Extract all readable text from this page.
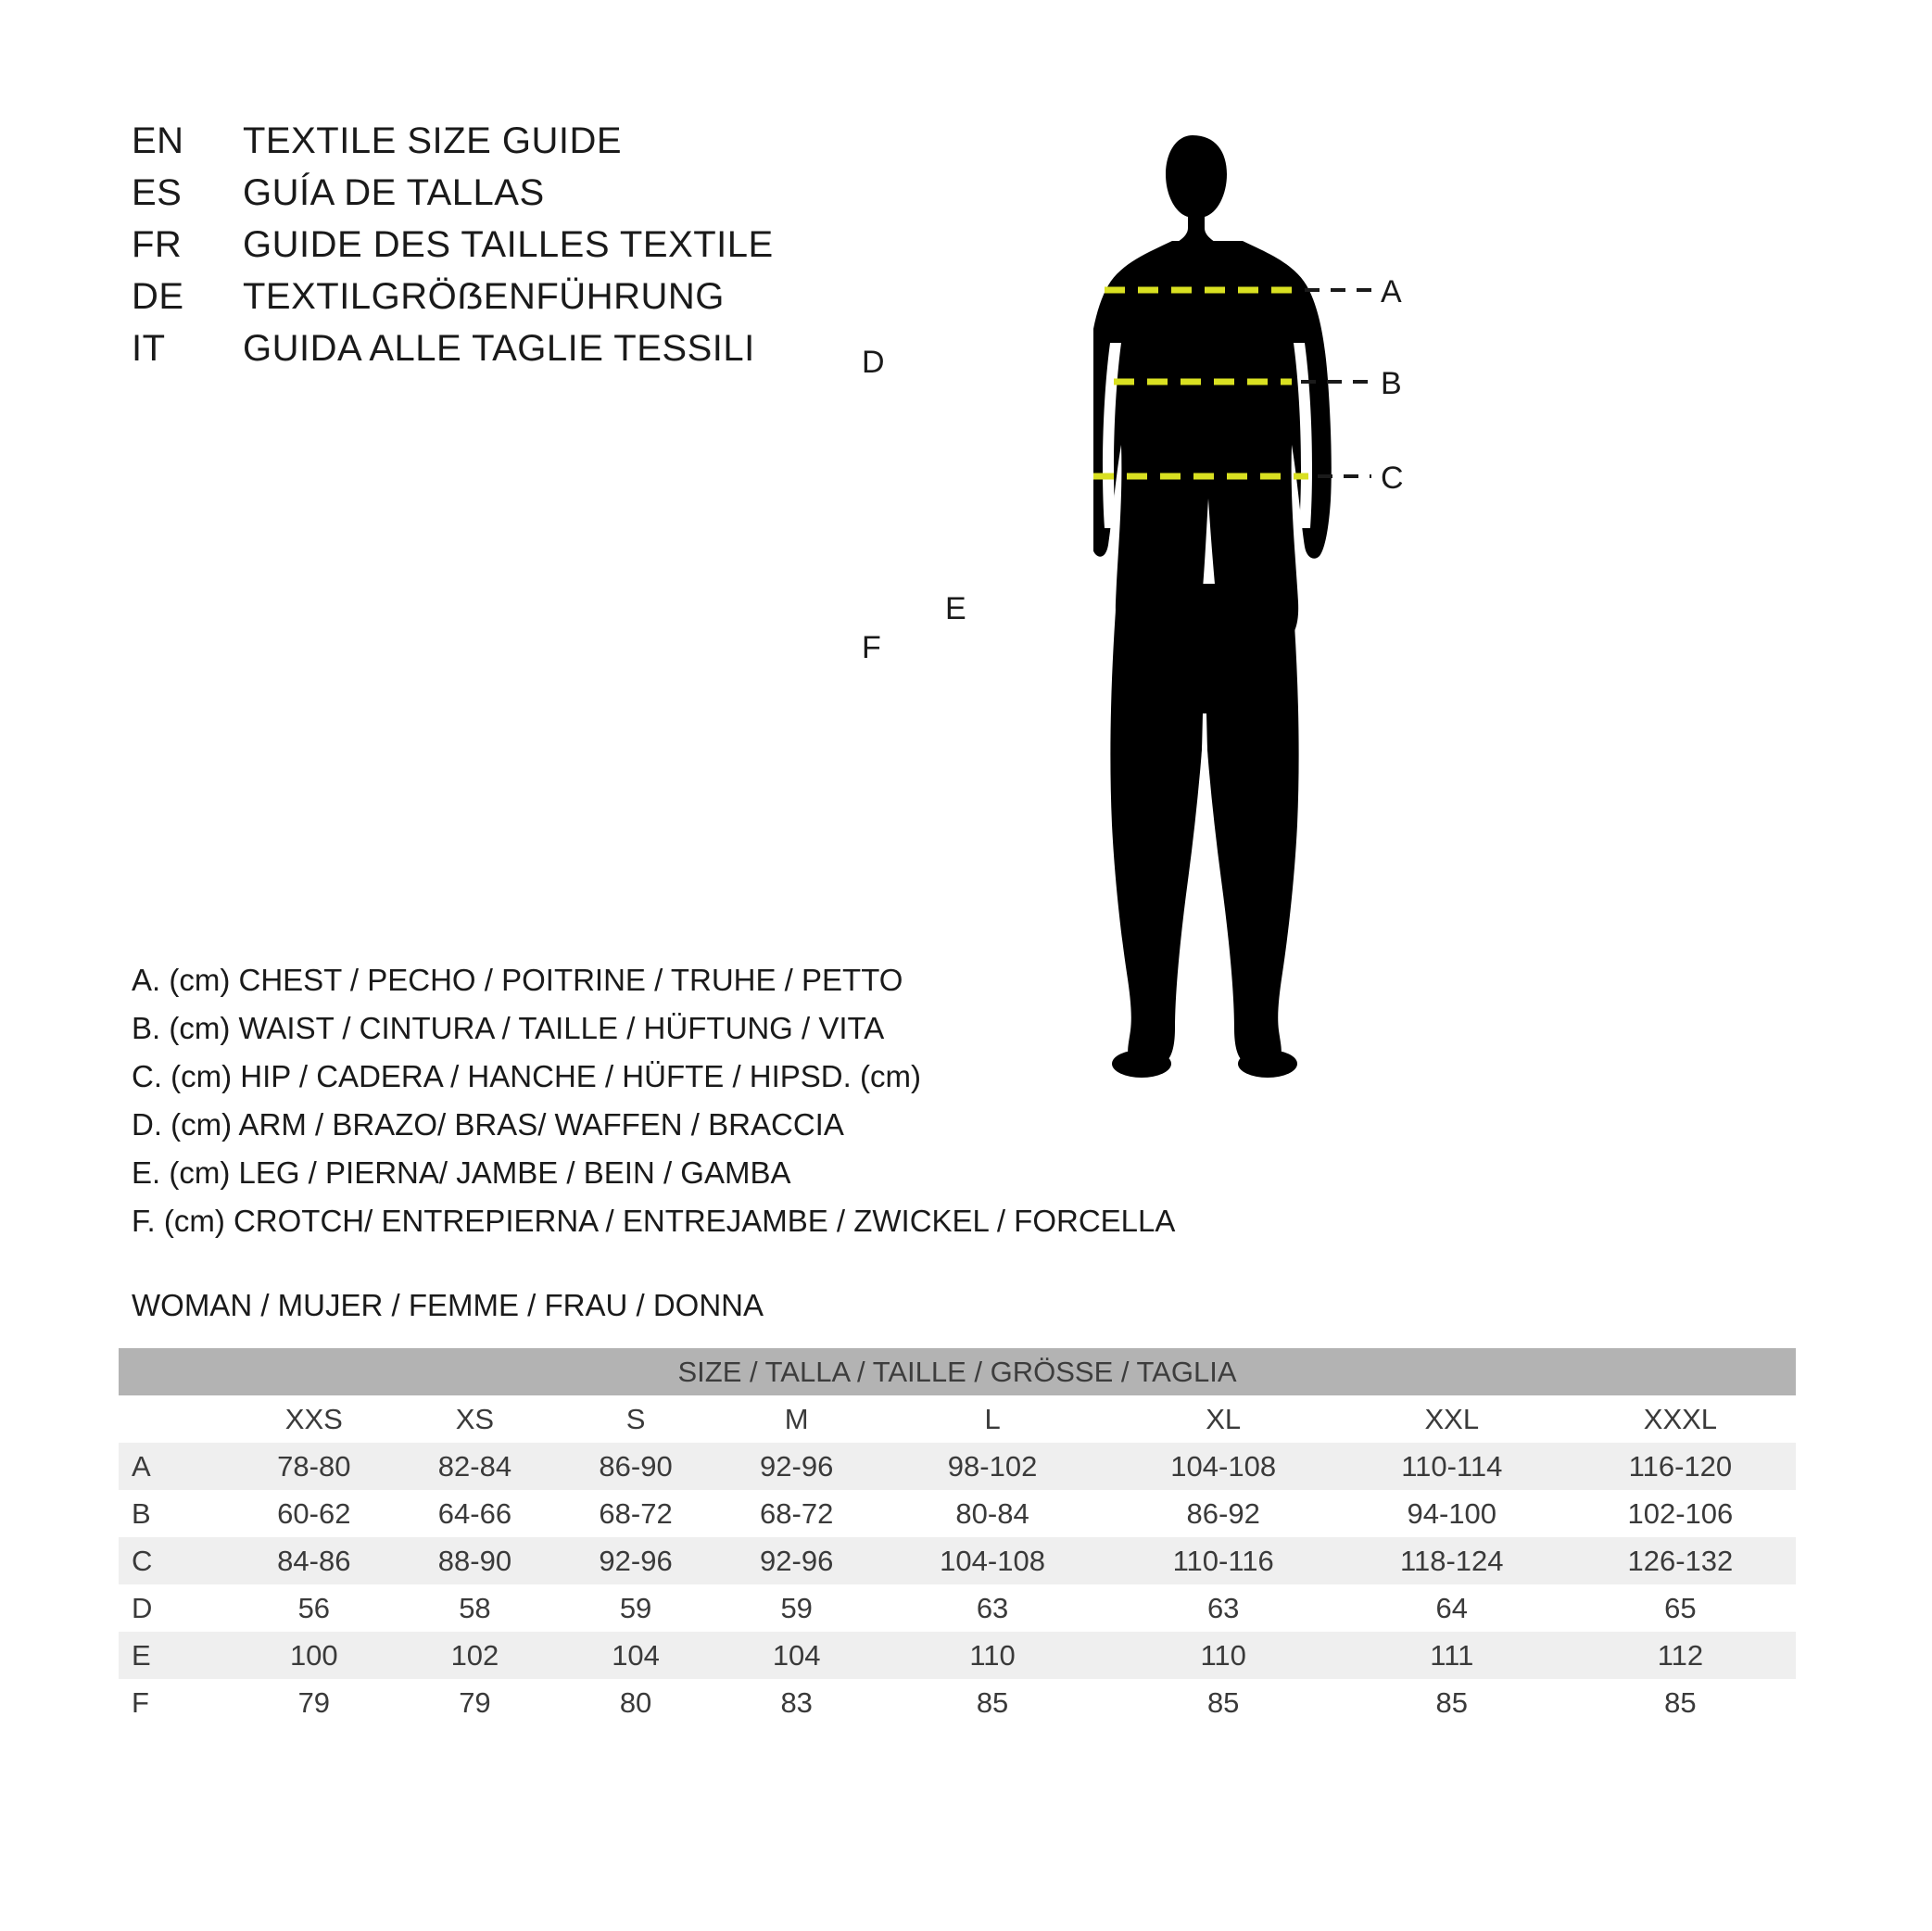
EN	TEXTILE SIZE GUIDE
ES	GUÍA DE TALLAS
FR	GUIDE DES TAILLES TEXTILE
DE	TEXTILGRÖẞENFÜHRUNG
IT	GUIDA ALLE TAGLIE TESSILI
A
B
C
D
E
F
A. (cm) CHEST / PECHO / POITRINE / TRUHE / PETTO
B. (cm) WAIST / CINTURA / TAILLE / HÜFTUNG / VITA
C. (cm) HIP / CADERA / HANCHE / HÜFTE / HIPSD. (cm)
D. (cm) ARM / BRAZO/ BRAS/ WAFFEN / BRACCIA
E. (cm) LEG / PIERNA/ JAMBE / BEIN / GAMBA
F. (cm) CROTCH/ ENTREPIERNA / ENTREJAMBE / ZWICKEL / FORCELLA
WOMAN / MUJER / FEMME / FRAU / DONNA
SIZE / TALLA / TAILLE / GRÖSSE / TAGLIA								
	XXS	XS	S	M	L	XL	XXL	XXXL
A	78-80	82-84	86-90	92-96	98-102	104-108	110-114	116-120
B	60-62	64-66	68-72	68-72	80-84	86-92	94-100	102-106
C	84-86	88-90	92-96	92-96	104-108	110-116	118-124	126-132
D	56	58	59	59	63	63	64	65
E	100	102	104	104	110	110	111	112
F	79	79	80	83	85	85	85	85
